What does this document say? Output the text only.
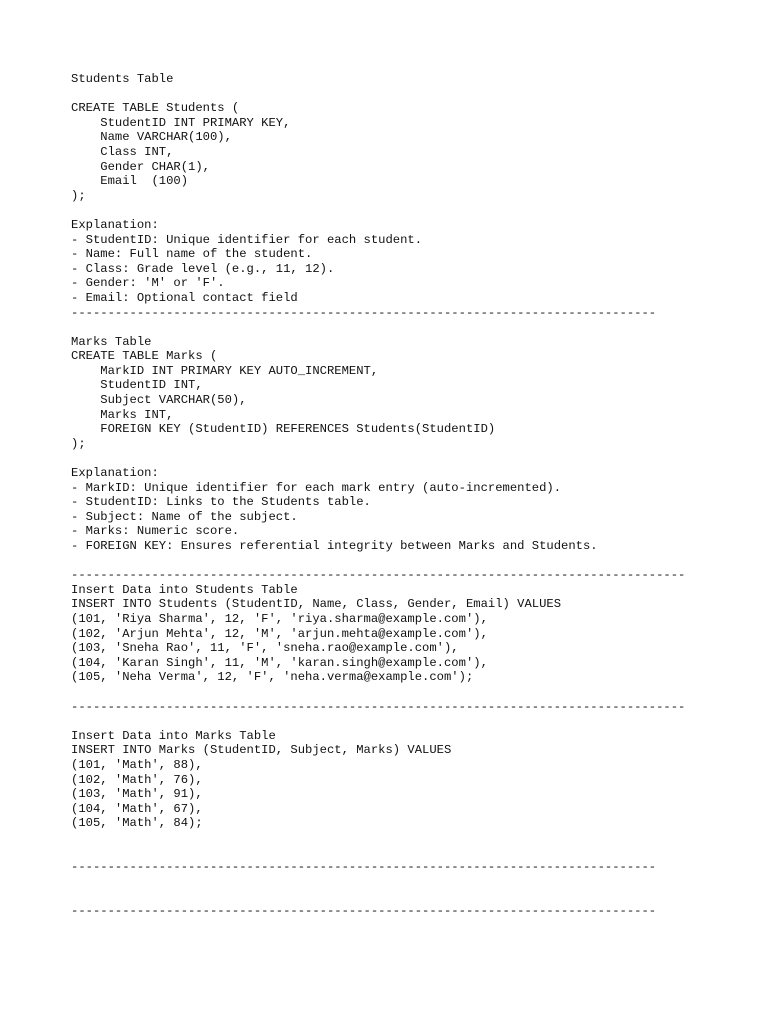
Students Table
CREATE TABLE Students (
StudentID INT PRIMARY KEY,
Name VARCHAR(100),
Class INT,
Gender CHAR(1),
Email  (100)
);
Explanation:
- StudentID: Unique identifier for each student.
- Name: Full name of the student.
- Class: Grade level (e.g., 11, 12).
- Gender: 'M' or 'F'.
- Email: Optional contact field
--------------------------------------------------------------------------------
Marks Table
CREATE TABLE Marks (
MarkID INT PRIMARY KEY AUTO_INCREMENT,
StudentID INT,
Subject VARCHAR(50),
Marks INT,
FOREIGN KEY (StudentID) REFERENCES Students(StudentID)
);
Explanation:
- MarkID: Unique identifier for each mark entry (auto-incremented).
- StudentID: Links to the Students table.
- Subject: Name of the subject.
- Marks: Numeric score.
- FOREIGN KEY: Ensures referential integrity between Marks and Students.
------------------------------------------------------------------------------------
Insert Data into Students Table
INSERT INTO Students (StudentID, Name, Class, Gender, Email) VALUES
(101, 'Riya Sharma', 12, 'F', 'riya.sharma@example.com'),
(102, 'Arjun Mehta', 12, 'M', 'arjun.mehta@example.com'),
(103, 'Sneha Rao', 11, 'F', 'sneha.rao@example.com'),
(104, 'Karan Singh', 11, 'M', 'karan.singh@example.com'),
(105, 'Neha Verma', 12, 'F', 'neha.verma@example.com');
------------------------------------------------------------------------------------
Insert Data into Marks Table
INSERT INTO Marks (StudentID, Subject, Marks) VALUES
(101, 'Math', 88),
(102, 'Math', 76),
(103, 'Math', 91),
(104, 'Math', 67),
(105, 'Math', 84);
--------------------------------------------------------------------------------
--------------------------------------------------------------------------------
